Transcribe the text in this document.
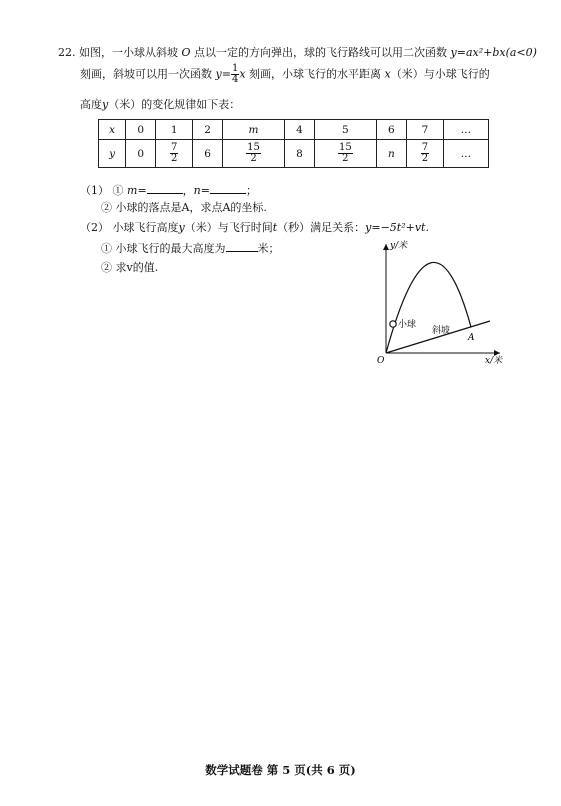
22. 如图，一小球从斜坡 O 点以一定的方向弹出，球的飞行路线可以用二次函数 y=ax²+bx(a<0)
刻画，斜坡可以用一次函数 $y= \frac{1}{4}$ x 刻画，小球飞行的水平距离 x（米）与小球飞行的
高度y（米）的变化规律如下表：
x	0	1	2	m	4	5	6	7	…
y	0	$\frac{7}{2}$	6	$\frac{15}{2}$	8	$\frac{15}{2}$	n	$\frac{7}{2}$	…
（1） ① m=	，n=	；
② 小球的落点是A，求点A的坐标.
（2） 小球飞行高度y（米）与飞行时间t（秒）满足关系：y=−5t²+vt.
① 小球飞行的最大高度为	米；
② 求v的值.
y/米
x/米
O
小球
斜坡
A
数学试题卷 第 5 页(共 6 页)
